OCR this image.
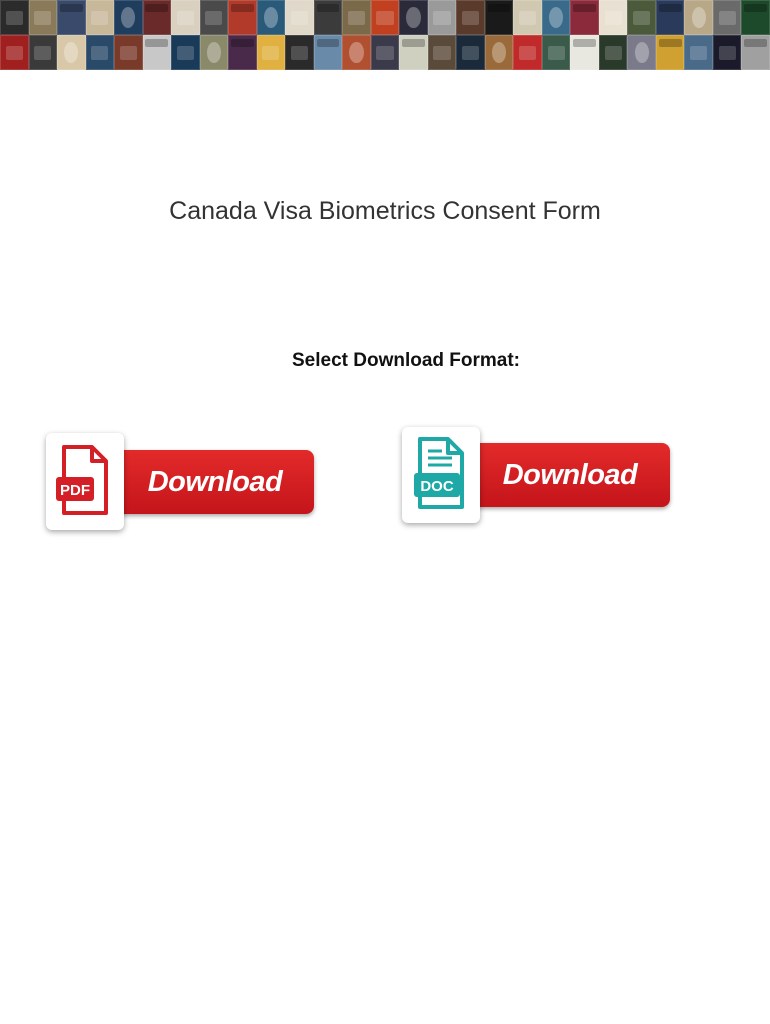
Canada Visa Biometrics Consent Form
Select Download Format:
Download
PDF	Download
DOC
